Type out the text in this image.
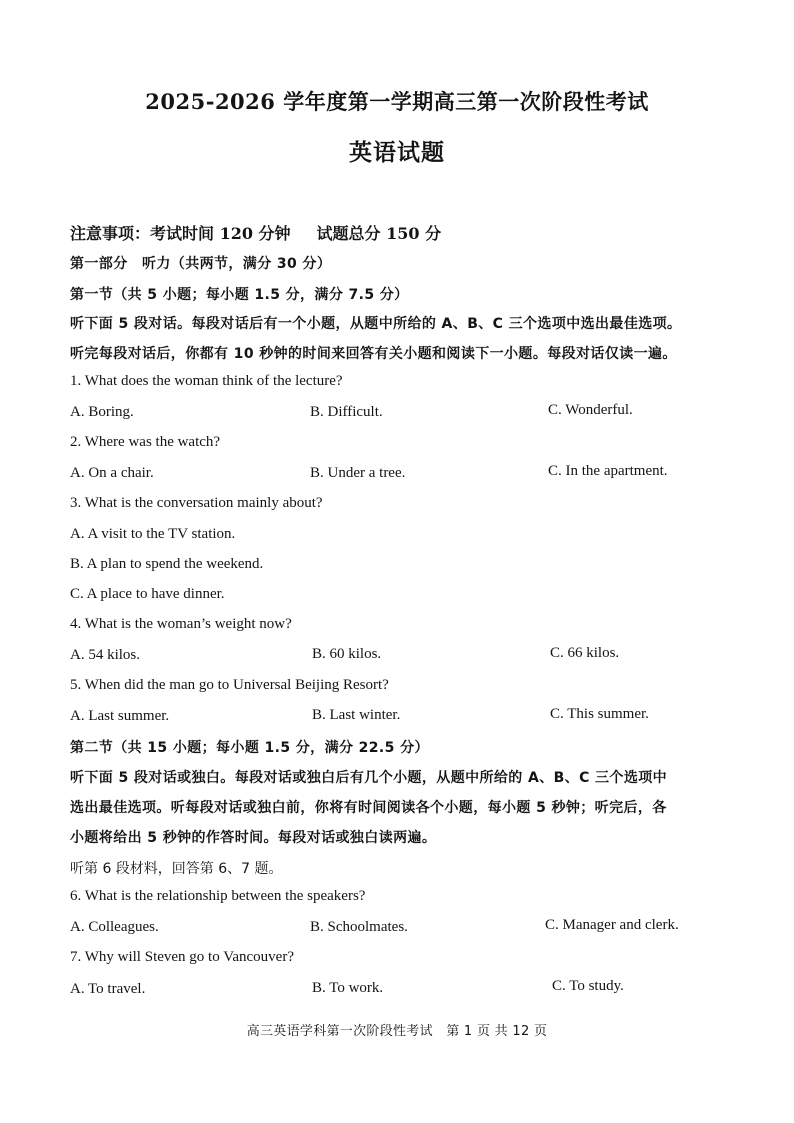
2025-2026 学年度第一学期高三第一次阶段性考试
英语试题
注意事项：考试时间 120 分钟 试题总分 150 分
第一部分　听力（共两节，满分 30 分）
第一节（共 5 小题；每小题 1.5 分，满分 7.5 分）
听下面 5 段对话。每段对话后有一个小题，从题中所给的 A、B、C 三个选项中选出最佳选项。
听完每段对话后，你都有 10 秒钟的时间来回答有关小题和阅读下一小题。每段对话仅读一遍。
1. What does the woman think of the lecture?
A. Boring.	B. Difficult.	C. Wonderful.
2. Where was the watch?
A. On a chair.	B. Under a tree.	C. In the apartment.
3. What is the conversation mainly about?
A. A visit to the TV station.
B. A plan to spend the weekend.
C. A place to have dinner.
4. What is the woman’s weight now?
A. 54 kilos.	B. 60 kilos.	C. 66 kilos.
5. When did the man go to Universal Beijing Resort?
A. Last summer.	B. Last winter.	C. This summer.
第二节（共 15 小题；每小题 1.5 分，满分 22.5 分）
听下面 5 段对话或独白。每段对话或独白后有几个小题，从题中所给的 A、B、C 三个选项中
选出最佳选项。听每段对话或独白前，你将有时间阅读各个小题，每小题 5 秒钟；听完后，各
小题将给出 5 秒钟的作答时间。每段对话或独白读两遍。
听第 6 段材料，回答第 6、7 题。
6. What is the relationship between the speakers?
A. Colleagues.	B. Schoolmates.	C. Manager and clerk.
7. Why will Steven go to Vancouver?
A. To travel.	B. To work.	C. To study.
高三英语学科第一次阶段性考试　第 1 页 共 12 页
